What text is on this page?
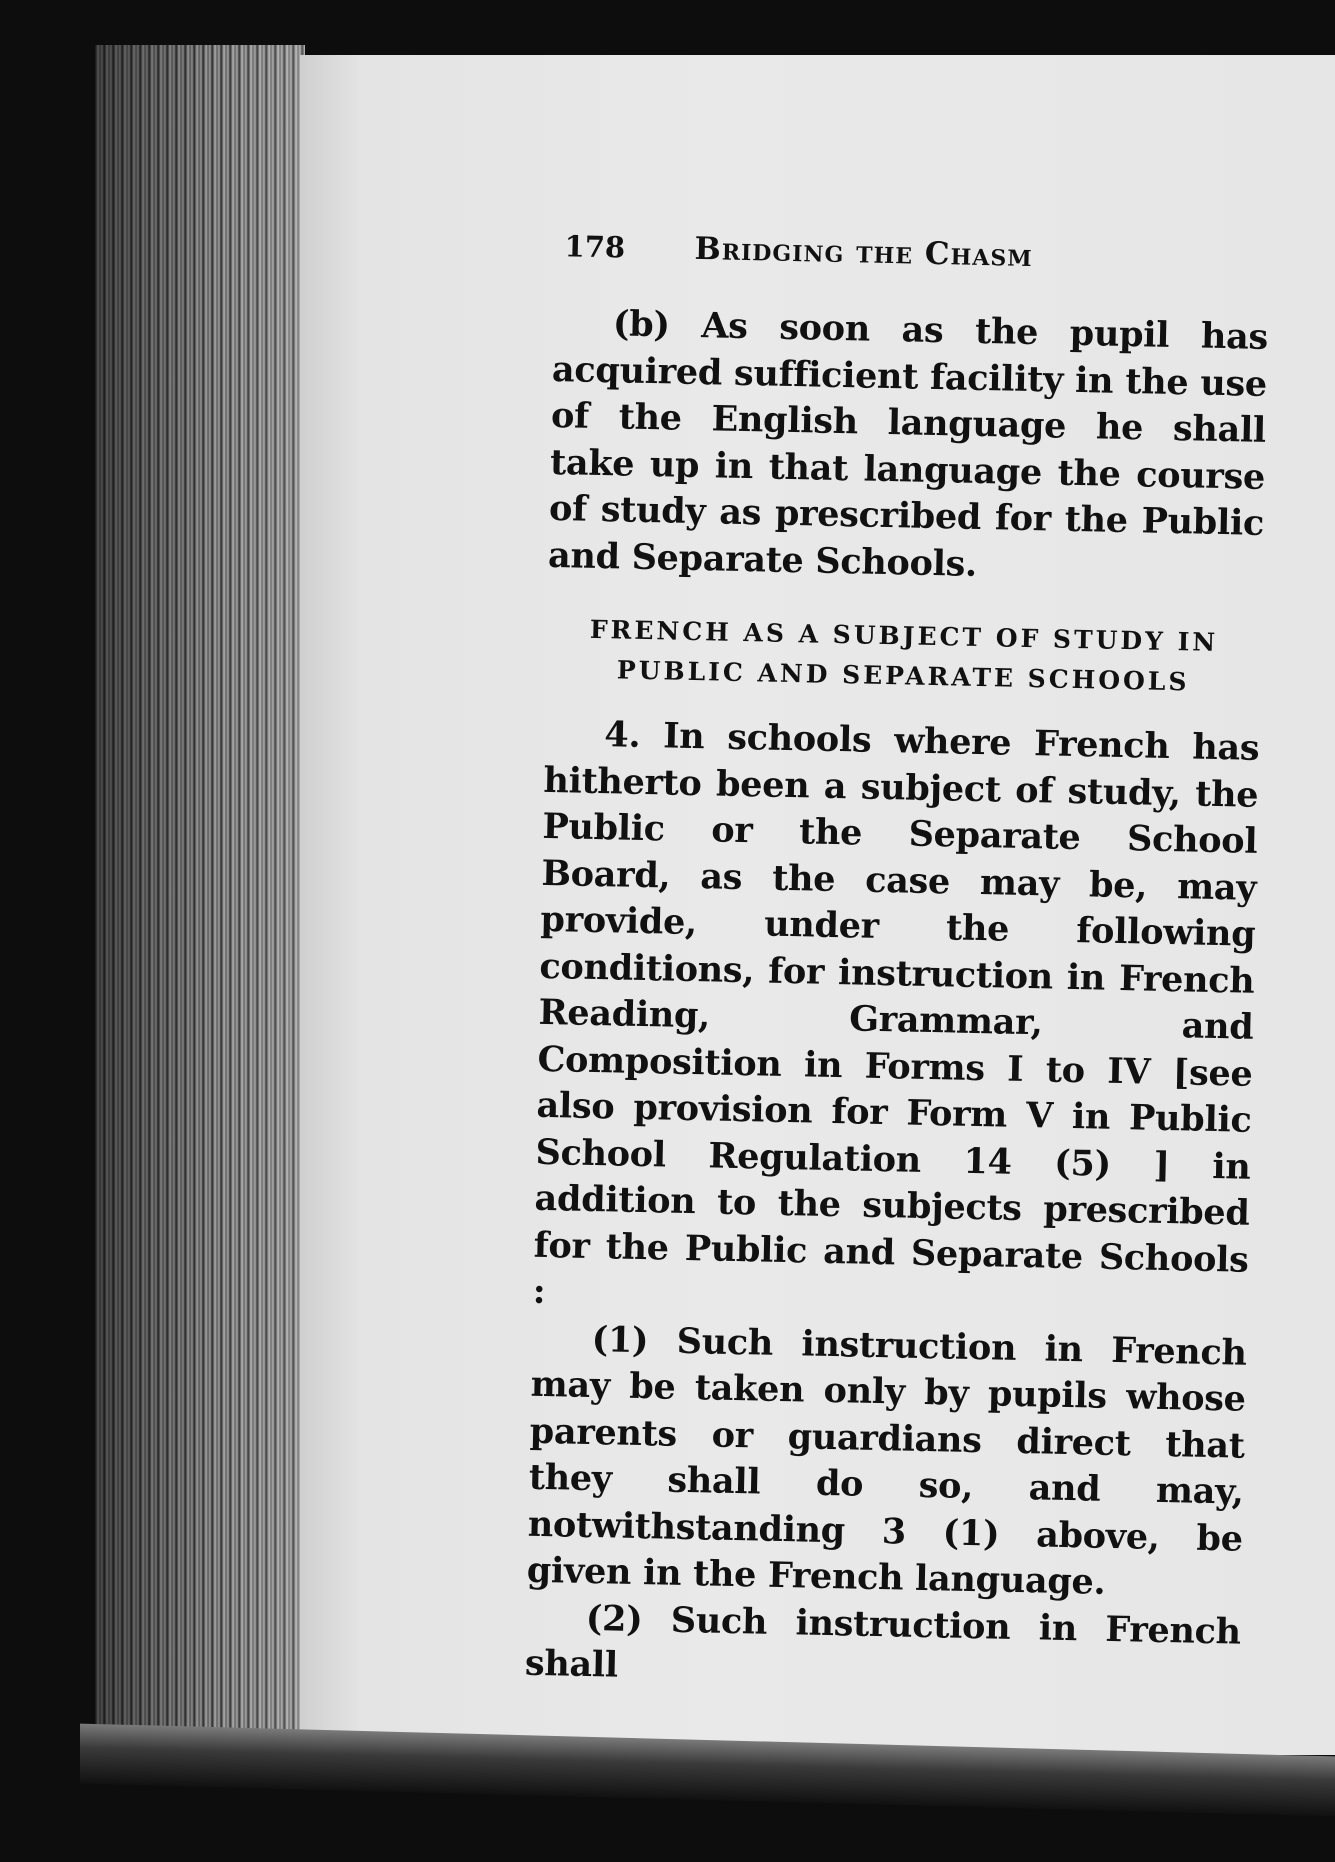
178	Bridging the Chasm

(b) As soon as the pupil has acquired sufficient facility in the use of the English language he shall take up in that language the course of study as prescribed for the Public and Separate Schools.

FRENCH AS A SUBJECT OF STUDY IN
PUBLIC AND SEPARATE SCHOOLS

4. In schools where French has hitherto been a subject of study, the Public or the Separate School Board, as the case may be, may provide, under the following conditions, for instruction in French Reading, Grammar, and Composition in Forms I to IV [see also provision for Form V in Public School Regulation 14 (5) ] in addition to the subjects prescribed for the Public and Separate Schools :

(1) Such instruction in French may be taken only by pupils whose parents or guardians direct that they shall do so, and may, notwithstanding 3 (1) above, be given in the French language.

(2) Such instruction in French shall
